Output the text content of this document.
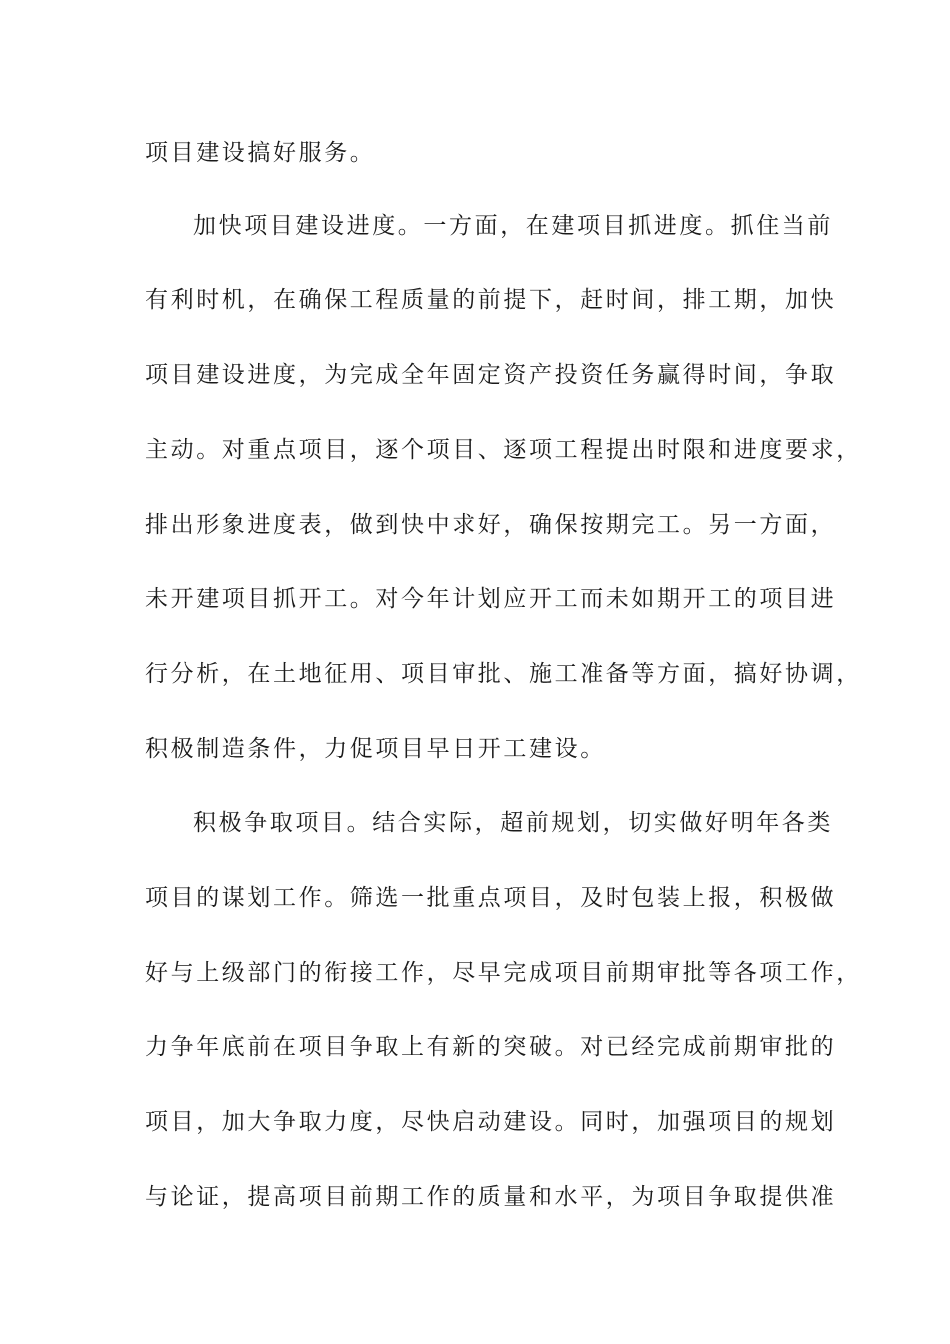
项目建设搞好服务。
加快项目建设进度。一方面，在建项目抓进度。抓住当前
有利时机，在确保工程质量的前提下，赶时间，排工期，加快
项目建设进度，为完成全年固定资产投资任务赢得时间，争取
主动。对重点项目，逐个项目、逐项工程提出时限和进度要求，
排出形象进度表，做到快中求好，确保按期完工。另一方面，
未开建项目抓开工。对今年计划应开工而未如期开工的项目进
行分析，在土地征用、项目审批、施工准备等方面，搞好协调，
积极制造条件，力促项目早日开工建设。
积极争取项目。结合实际，超前规划，切实做好明年各类
项目的谋划工作。筛选一批重点项目，及时包装上报，积极做
好与上级部门的衔接工作，尽早完成项目前期审批等各项工作，
力争年底前在项目争取上有新的突破。对已经完成前期审批的
项目，加大争取力度，尽快启动建设。同时，加强项目的规划
与论证，提高项目前期工作的质量和水平，为项目争取提供准
